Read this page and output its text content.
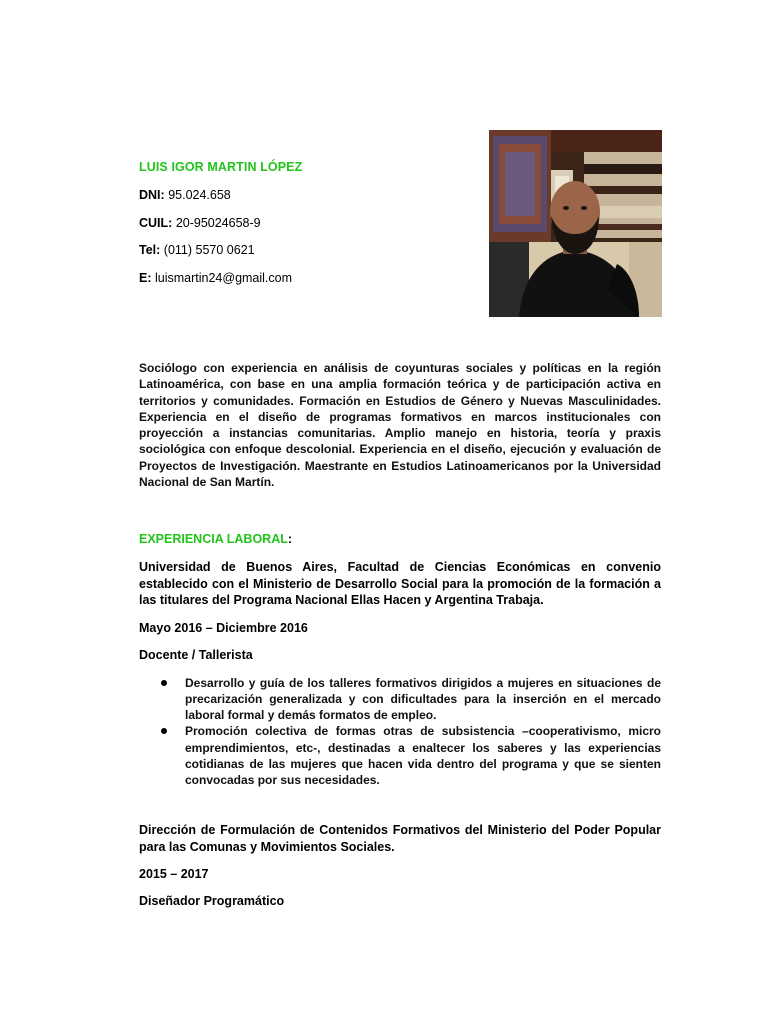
LUIS IGOR MARTIN LÓPEZ

DNI: 95.024.658

CUIL: 20-95024658-9

Tel: (011) 5570 0621

E: luismartin24@gmail.com

Sociólogo con experiencia en análisis de coyunturas sociales y políticas en la región Latinoamérica, con base en una amplia formación teórica y de participación activa en territorios y comunidades. Formación en Estudios de Género y Nuevas Masculinidades. Experiencia en el diseño de programas formativos en marcos institucionales con proyección a instancias comunitarias. Amplio manejo en historia, teoría y praxis sociológica con enfoque descolonial. Experiencia en el diseño, ejecución y evaluación de Proyectos de Investigación. Maestrante en Estudios Latinoamericanos por la Universidad Nacional de San Martín.

EXPERIENCIA LABORAL:

Universidad de Buenos Aires, Facultad de Ciencias Económicas en convenio establecido con el Ministerio de Desarrollo Social para la promoción de la formación a las titulares del Programa Nacional Ellas Hacen y Argentina Trabaja.

Mayo 2016 – Diciembre 2016

Docente / Tallerista

Desarrollo y guía de los talleres formativos dirigidos a mujeres en situaciones de precarización generalizada y con dificultades para la inserción en el mercado laboral formal y demás formatos de empleo.
Promoción colectiva de formas otras de subsistencia –cooperativismo, micro emprendimientos, etc-, destinadas a enaltecer los saberes y las experiencias cotidianas de las mujeres que hacen vida dentro del programa y que se sienten convocadas por sus necesidades.

Dirección de Formulación de Contenidos Formativos del Ministerio del Poder Popular para las Comunas y Movimientos Sociales.

2015 – 2017

Diseñador Programático
